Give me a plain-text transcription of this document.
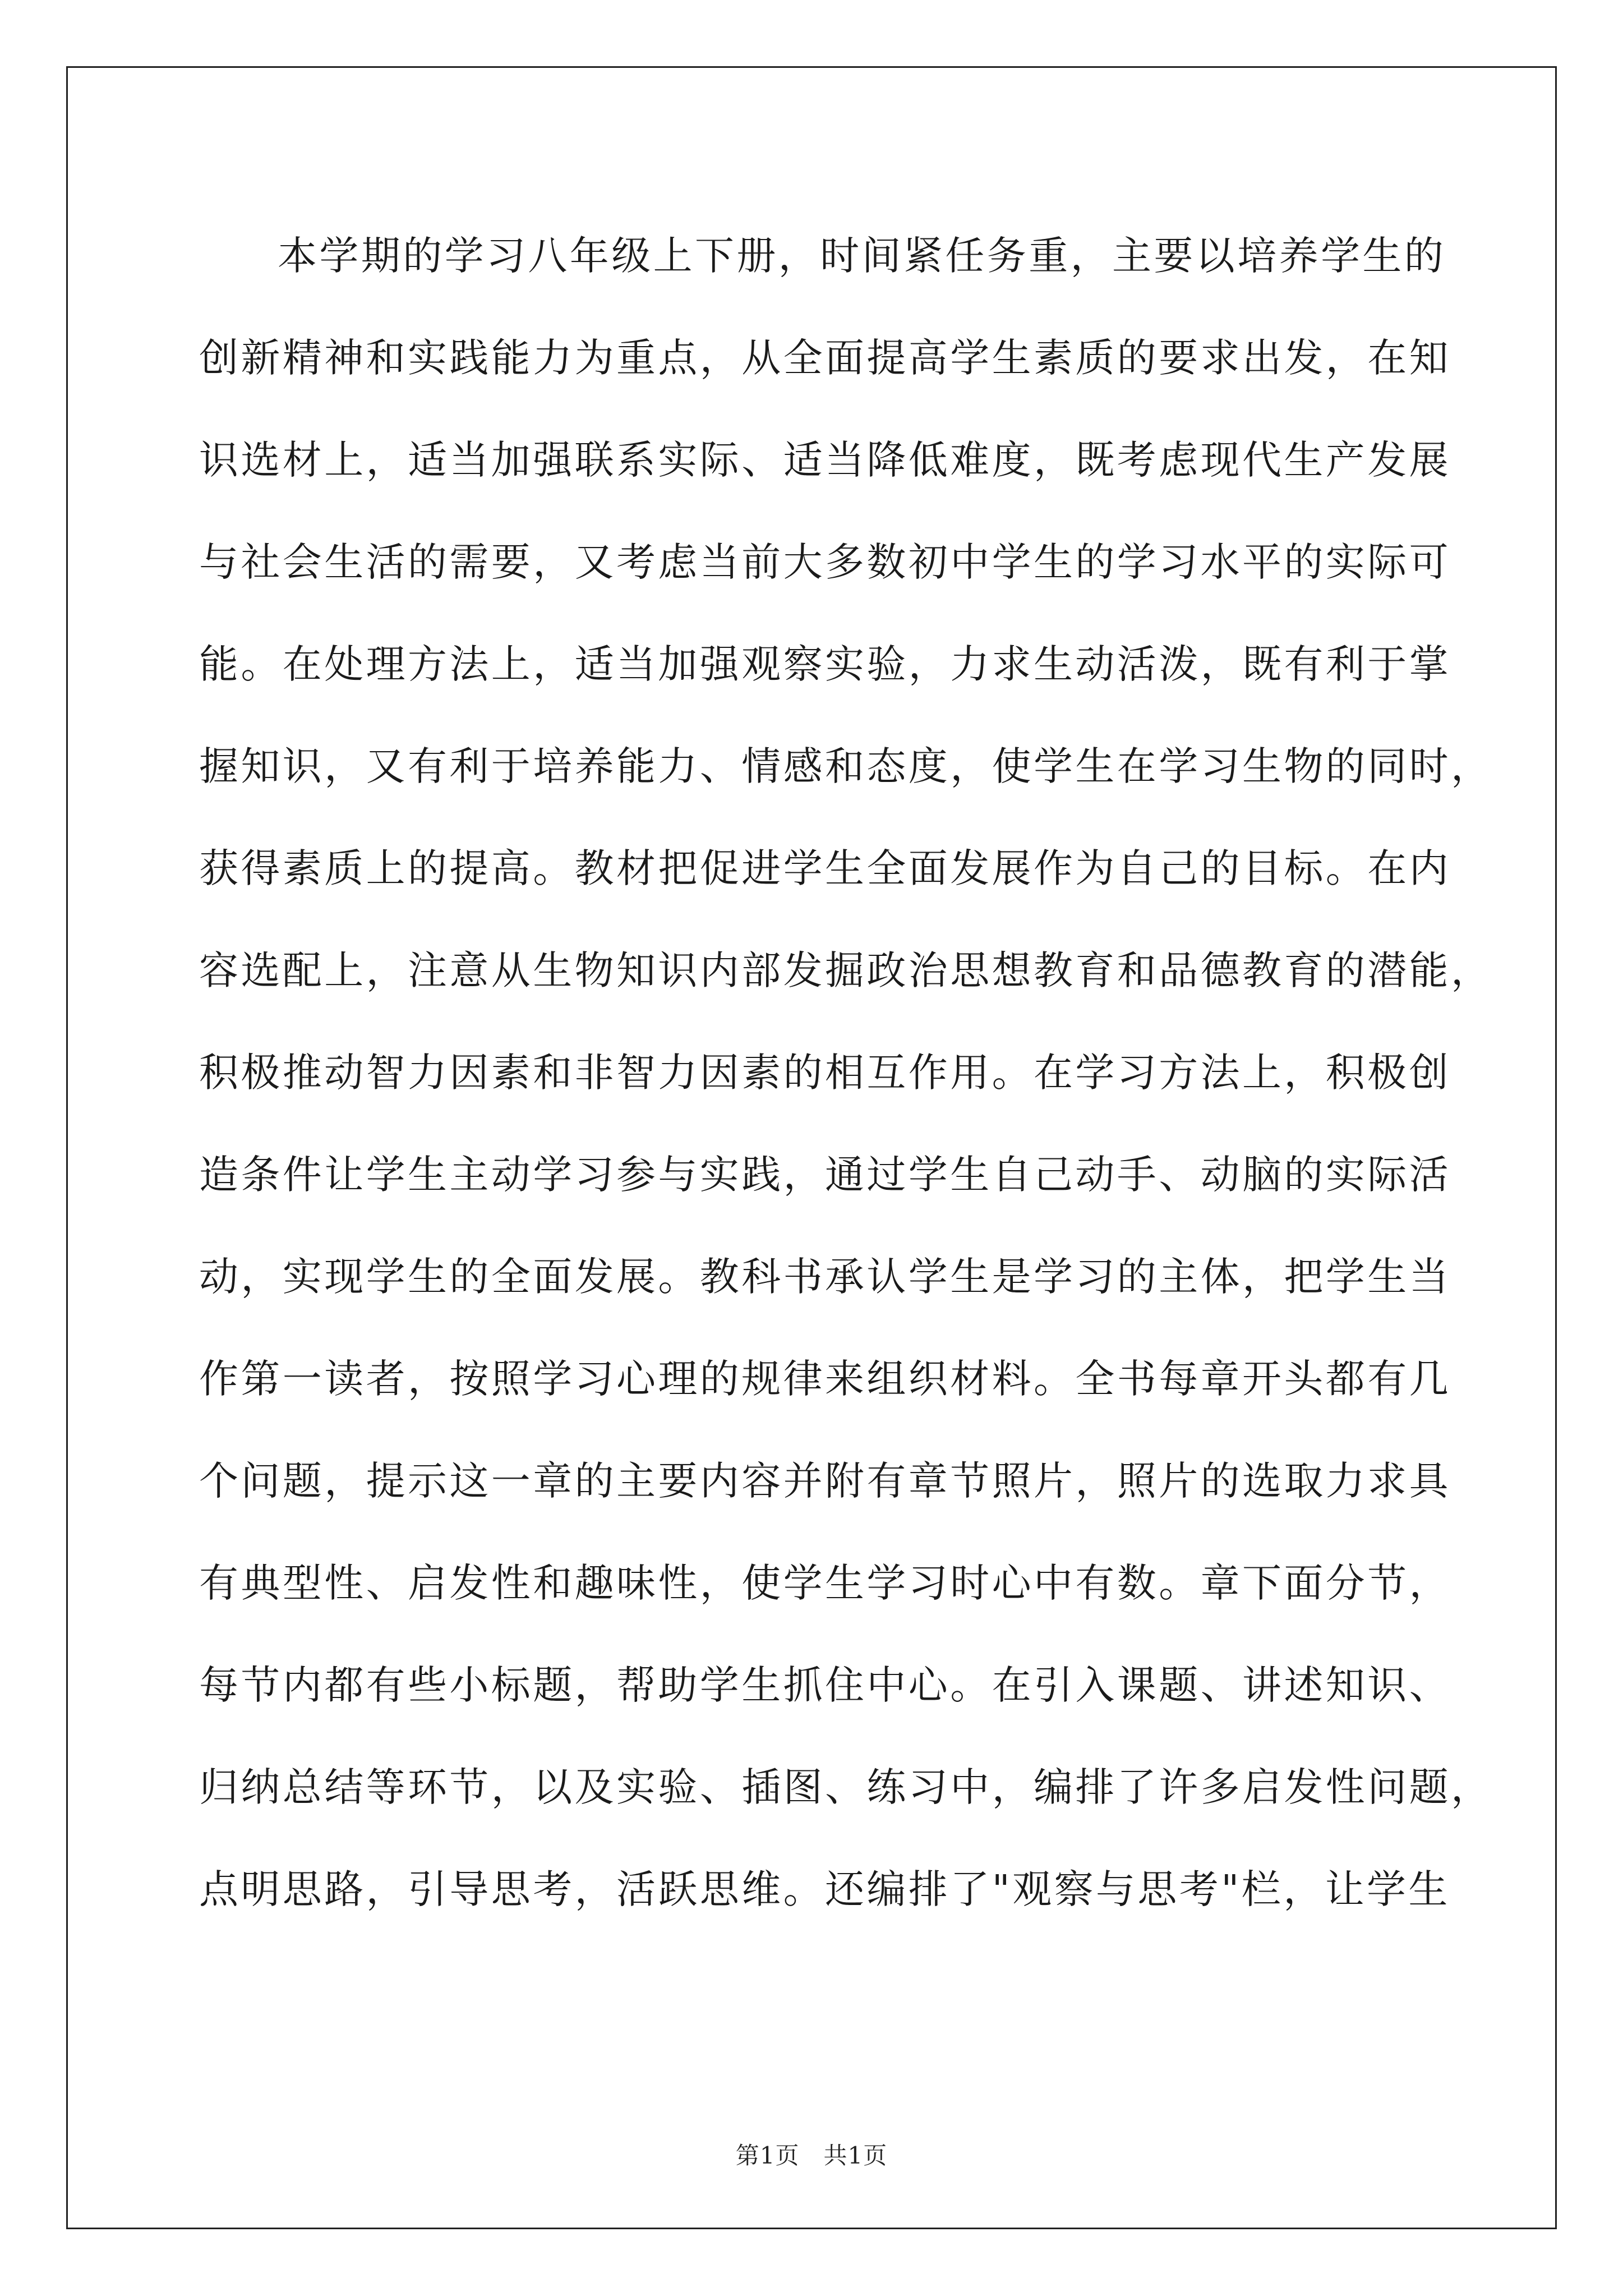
本学期的学习八年级上下册，时间紧任务重，主要以培养学生的
创新精神和实践能力为重点，从全面提高学生素质的要求出发，在知
识选材上，适当加强联系实际、适当降低难度，既考虑现代生产发展
与社会生活的需要，又考虑当前大多数初中学生的学习水平的实际可
能。在处理方法上，适当加强观察实验，力求生动活泼，既有利于掌
握知识，又有利于培养能力、情感和态度，使学生在学习生物的同时，
获得素质上的提高。教材把促进学生全面发展作为自己的目标。在内
容选配上，注意从生物知识内部发掘政治思想教育和品德教育的潜能，
积极推动智力因素和非智力因素的相互作用。在学习方法上，积极创
造条件让学生主动学习参与实践，通过学生自己动手、动脑的实际活
动，实现学生的全面发展。教科书承认学生是学习的主体，把学生当
作第一读者，按照学习心理的规律来组织材料。全书每章开头都有几
个问题，提示这一章的主要内容并附有章节照片，照片的选取力求具
有典型性、启发性和趣味性，使学生学习时心中有数。章下面分节，
每节内都有些小标题，帮助学生抓住中心。在引入课题、讲述知识、
归纳总结等环节，以及实验、插图、练习中，编排了许多启发性问题，
点明思路，引导思考，活跃思维。还编排了"观察与思考"栏，让学生
第1页　共1页
